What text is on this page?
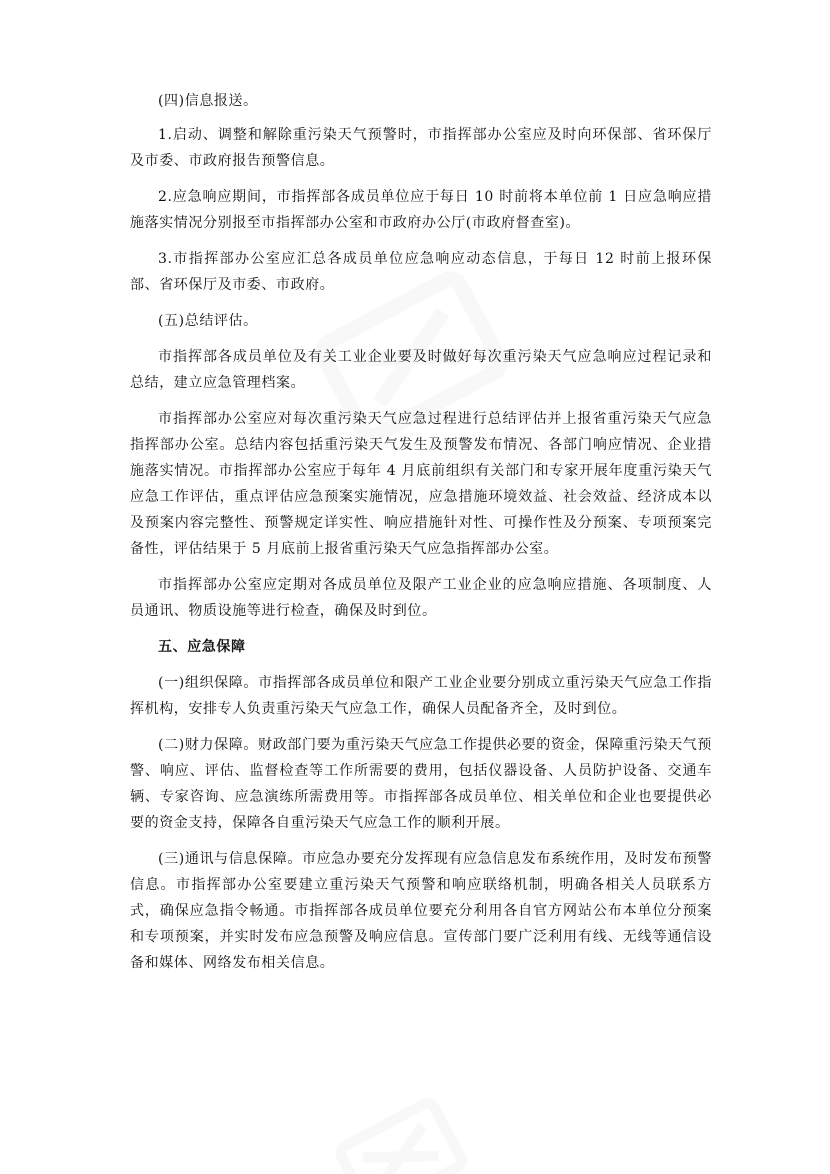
(四)信息报送。

1.启动、调整和解除重污染天气预警时，市指挥部办公室应及时向环保部、省环保厅及市委、市政府报告预警信息。

2.应急响应期间，市指挥部各成员单位应于每日 10 时前将本单位前 1 日应急响应措施落实情况分别报至市指挥部办公室和市政府办公厅(市政府督查室)。

3.市指挥部办公室应汇总各成员单位应急响应动态信息，于每日 12 时前上报环保部、省环保厅及市委、市政府。

(五)总结评估。

市指挥部各成员单位及有关工业企业要及时做好每次重污染天气应急响应过程记录和总结，建立应急管理档案。

市指挥部办公室应对每次重污染天气应急过程进行总结评估并上报省重污染天气应急指挥部办公室。总结内容包括重污染天气发生及预警发布情况、各部门响应情况、企业措施落实情况。市指挥部办公室应于每年 4 月底前组织有关部门和专家开展年度重污染天气应急工作评估，重点评估应急预案实施情况，应急措施环境效益、社会效益、经济成本以及预案内容完整性、预警规定详实性、响应措施针对性、可操作性及分预案、专项预案完备性，评估结果于 5 月底前上报省重污染天气应急指挥部办公室。

市指挥部办公室应定期对各成员单位及限产工业企业的应急响应措施、各项制度、人员通讯、物质设施等进行检查，确保及时到位。

五、应急保障

(一)组织保障。市指挥部各成员单位和限产工业企业要分别成立重污染天气应急工作指挥机构，安排专人负责重污染天气应急工作，确保人员配备齐全，及时到位。

(二)财力保障。财政部门要为重污染天气应急工作提供必要的资金，保障重污染天气预警、响应、评估、监督检查等工作所需要的费用，包括仪器设备、人员防护设备、交通车辆、专家咨询、应急演练所需费用等。市指挥部各成员单位、相关单位和企业也要提供必要的资金支持，保障各自重污染天气应急工作的顺利开展。

(三)通讯与信息保障。市应急办要充分发挥现有应急信息发布系统作用，及时发布预警信息。市指挥部办公室要建立重污染天气预警和响应联络机制，明确各相关人员联系方式，确保应急指令畅通。市指挥部各成员单位要充分利用各自官方网站公布本单位分预案和专项预案，并实时发布应急预警及响应信息。宣传部门要广泛利用有线、无线等通信设备和媒体、网络发布相关信息。
